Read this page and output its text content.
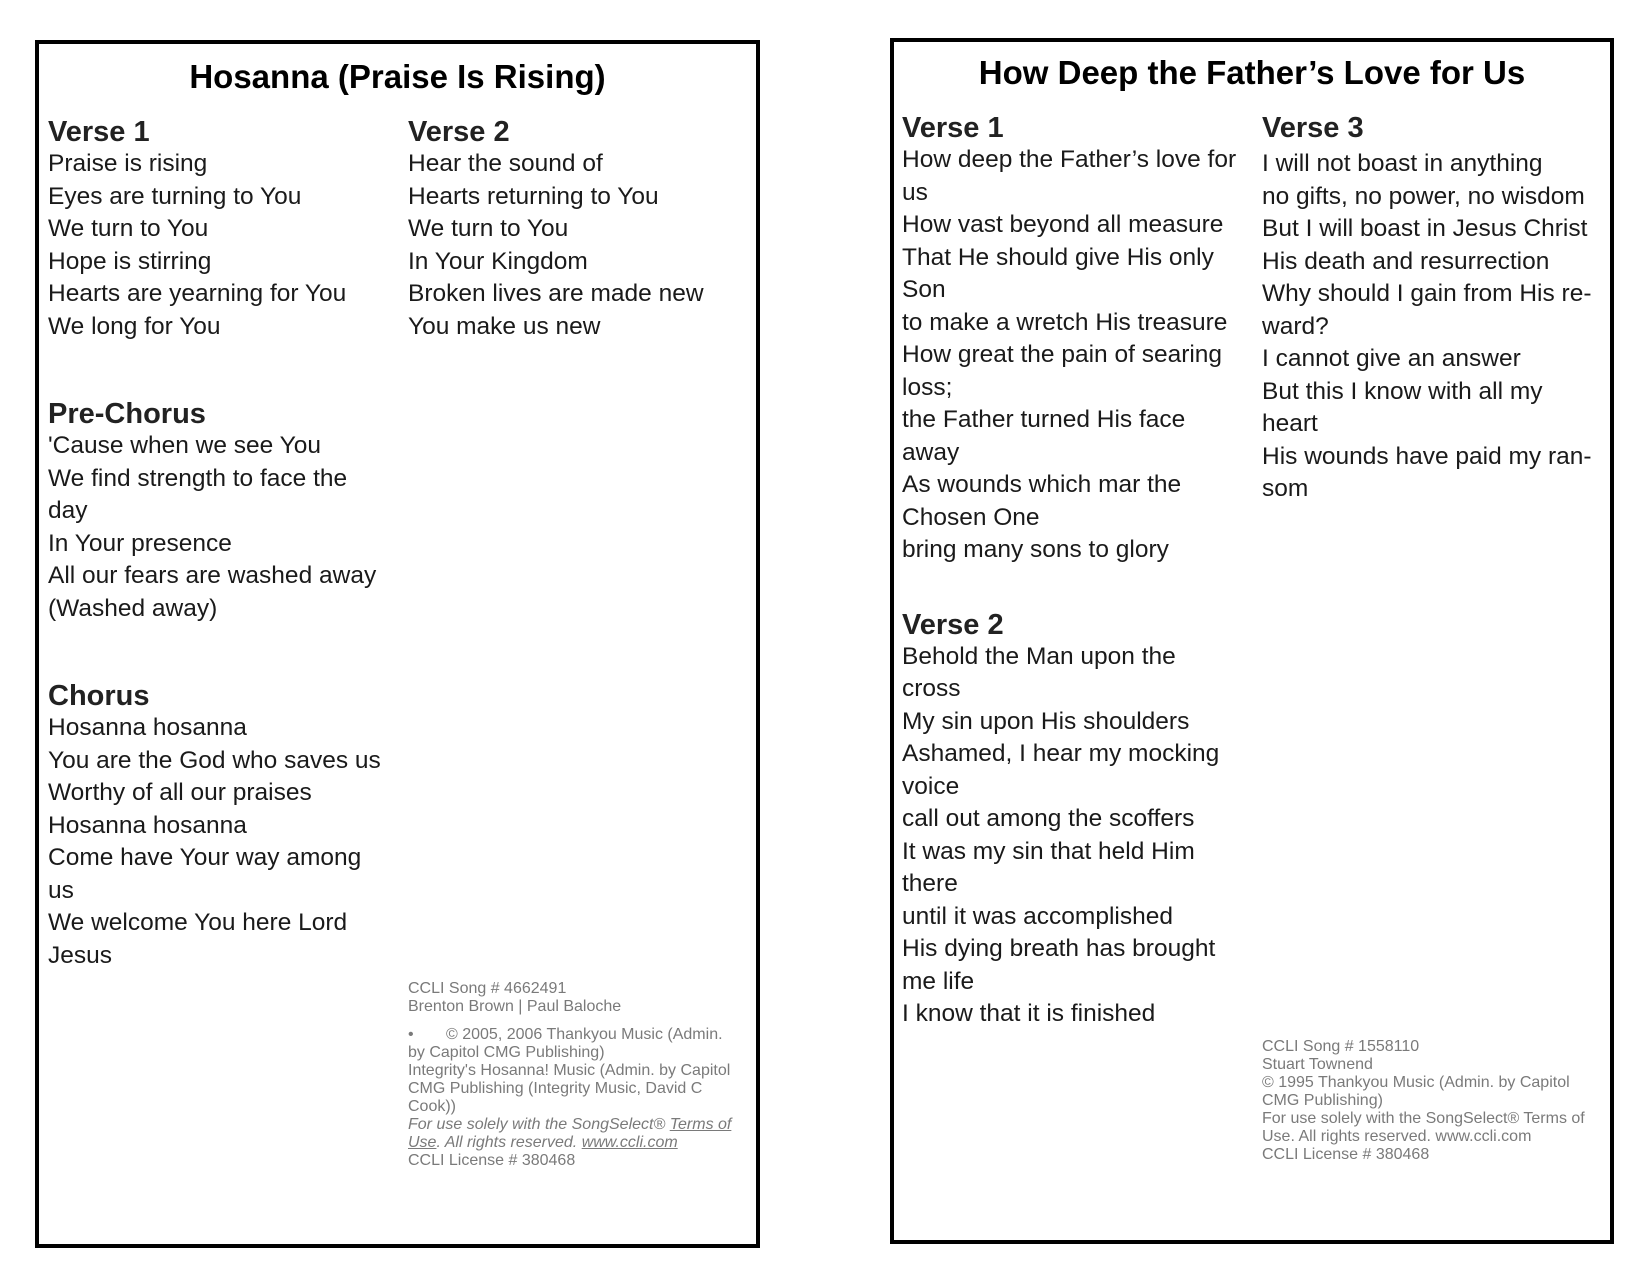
Hosanna (Praise Is Rising)
Verse 1
Praise is rising
Eyes are turning to You
We turn to You
Hope is stirring
Hearts are yearning for You
We long for You
Pre-Chorus
'Cause when we see You
We find strength to face the
day
In Your presence
All our fears are washed away
(Washed away)
Chorus
Hosanna hosanna
You are the God who saves us
Worthy of all our praises
Hosanna hosanna
Come have Your way among
us
We welcome You here Lord
Jesus
Verse 2
Hear the sound of
Hearts returning to You
We turn to You
In Your Kingdom
Broken lives are made new
You make us new

CCLI Song # 4662491

Brenton Brown | Paul Baloche

• © 2005, 2006 Thankyou Music (Admin.

by Capitol CMG Publishing)

Integrity's Hosanna! Music (Admin. by Capitol

CMG Publishing (Integrity Music, David C

Cook))

For use solely with the SongSelect® Terms of

Use. All rights reserved. www.ccli.com

CCLI License # 380468

How Deep the Father’s Love for Us
Verse 1
How deep the Father’s love for
us
How vast beyond all measure
That He should give His only
Son
to make a wretch His treasure
How great the pain of searing
loss;
the Father turned His face
away
As wounds which mar the
Chosen One
bring many sons to glory
Verse 2
Behold the Man upon the
cross
My sin upon His shoulders
Ashamed, I hear my mocking
voice
call out among the scoffers
It was my sin that held Him
there
until it was accomplished
His dying breath has brought
me life
I know that it is finished
Verse 3
I will not boast in anything
no gifts, no power, no wisdom
But I will boast in Jesus Christ
His death and resurrection
Why should I gain from His re-
ward?
I cannot give an answer
But this I know with all my
heart
His wounds have paid my ran-
som

CCLI Song # 1558110

Stuart Townend

© 1995 Thankyou Music (Admin. by Capitol

CMG Publishing)

For use solely with the SongSelect® Terms of

Use. All rights reserved. www.ccli.com

CCLI License # 380468
